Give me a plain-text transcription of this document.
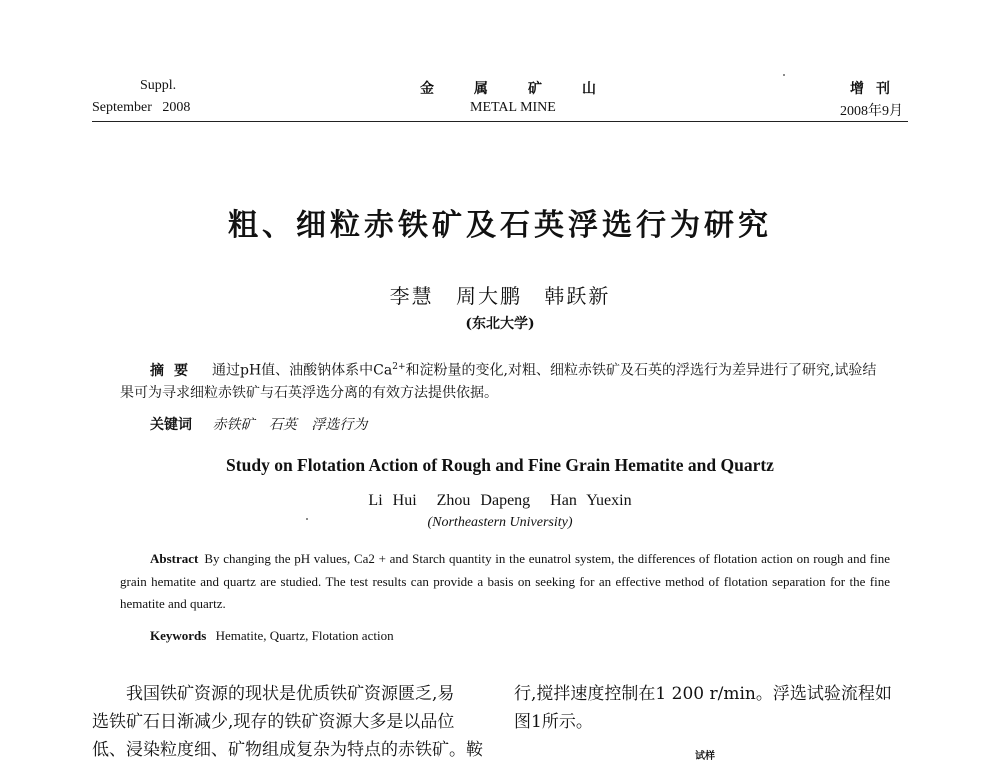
Suppl.
September   2008
金属矿山
METAL MINE
增刊
2008年9月
粗、细粒赤铁矿及石英浮选行为研究
李慧 周大鹏 韩跃新
(东北大学)
摘要 通过pH值、油酸钠体系中$Ca^{2+}$和淀粉量的变化,对粗、细粒赤铁矿及石英的浮选行为差异进行了研究,试验结果可为寻求细粒赤铁矿与石英浮选分离的有效方法提供依据。
关键词 赤铁矿 石英 浮选行为
Study on Flotation Action of Rough and Fine Grain Hematite and Quartz
Li Hui  Zhou Dapeng  Han Yuexin
(Northeastern University)
Abstract By changing the pH values, Ca2 + and Starch quantity in the eunatrol system, the differences of flotation action on rough and fine grain hematite and quartz are studied. The test results can provide a basis on seeking for an effective method of flotation separation for the fine hematite and quartz.
Keywords Hematite, Quartz, Flotation action
我国铁矿资源的现状是优质铁矿资源匮乏,易
选铁矿石日渐减少,现存的铁矿资源大多是以品位
低、浸染粒度细、矿物组成复杂为特点的赤铁矿。鞍
行,搅拌速度控制在1 200 r/min。浮选试验流程如
图1所示。
试样
